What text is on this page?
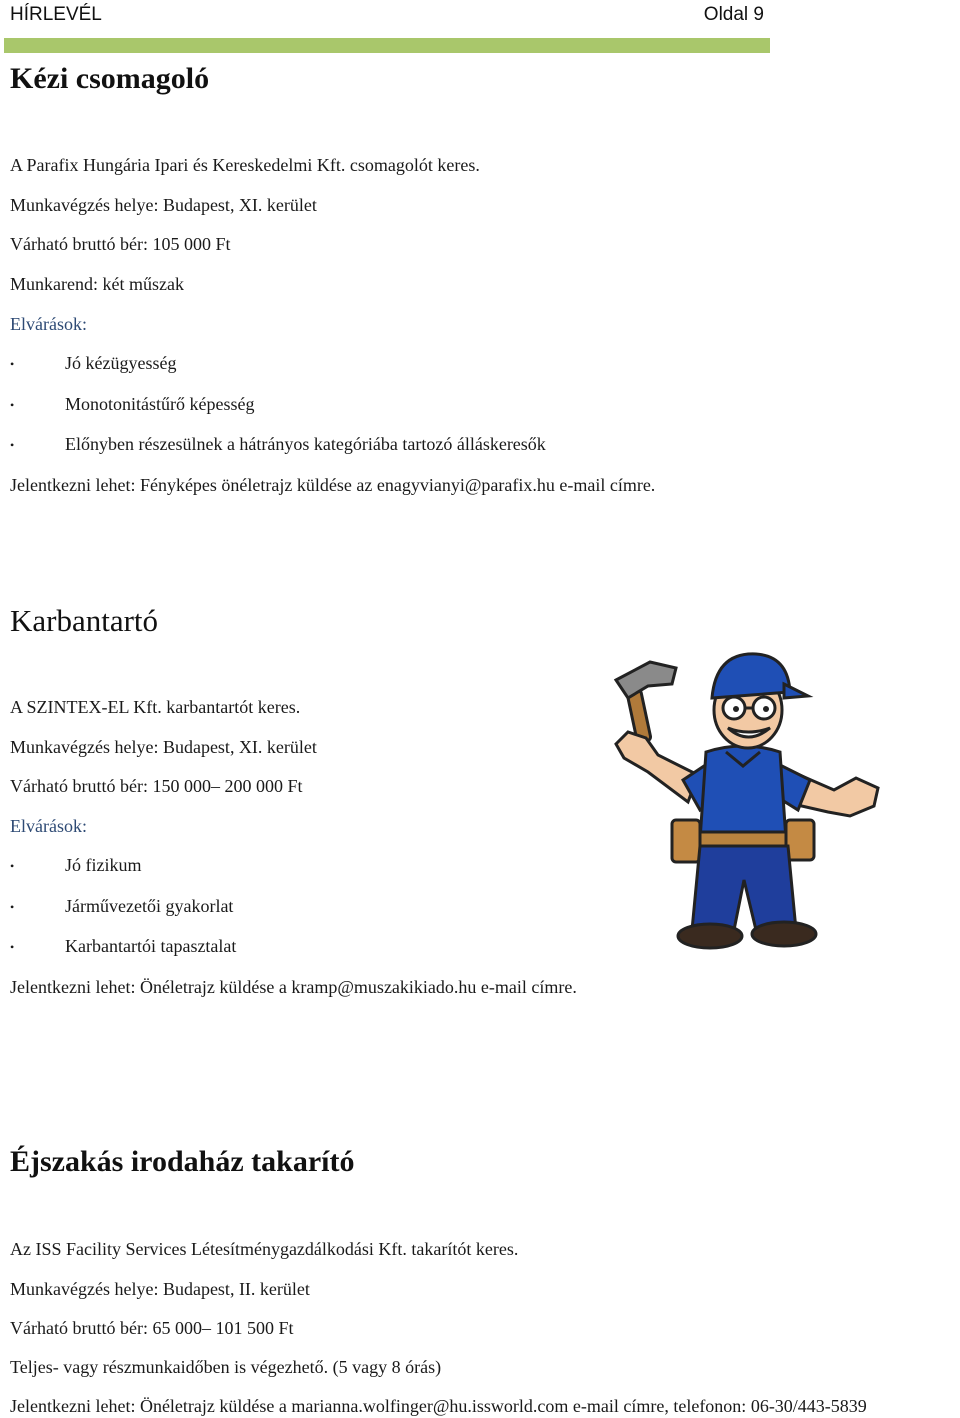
HÍRLEVÉL	Oldal 9
Kézi csomagoló
A Parafix Hungária Ipari és Kereskedelmi Kft. csomagolót keres.
Munkavégzés helye: Budapest, XI. kerület
Várható bruttó bér: 105 000 Ft
Munkarend: két műszak
Elvárások:
•	Jó kézügyesség
•	Monotonitástűrő képesség
•	Előnyben részesülnek a hátrányos kategóriába tartozó álláskeresők
Jelentkezni lehet: Fényképes önéletrajz küldése az enagyvianyi@parafix.hu e-mail címre.
Karbantartó
A SZINTEX-EL Kft. karbantartót keres.
Munkavégzés helye: Budapest, XI. kerület
Várható bruttó bér: 150 000– 200 000 Ft
Elvárások:
•	Jó fizikum
•	Járművezetői gyakorlat
•	Karbantartói tapasztalat
Jelentkezni lehet: Önéletrajz küldése a kramp@muszakikiado.hu e-mail címre.
Éjszakás irodaház takarító
Az ISS Facility Services Létesítménygazdálkodási Kft. takarítót keres.
Munkavégzés helye: Budapest, II. kerület
Várható bruttó bér: 65 000– 101 500 Ft
Teljes- vagy részmunkaidőben is végezhető. (5 vagy 8 órás)
Jelentkezni lehet: Önéletrajz küldése a marianna.wolfinger@hu.issworld.com e-mail címre, telefonon: 06-30/443-5839
